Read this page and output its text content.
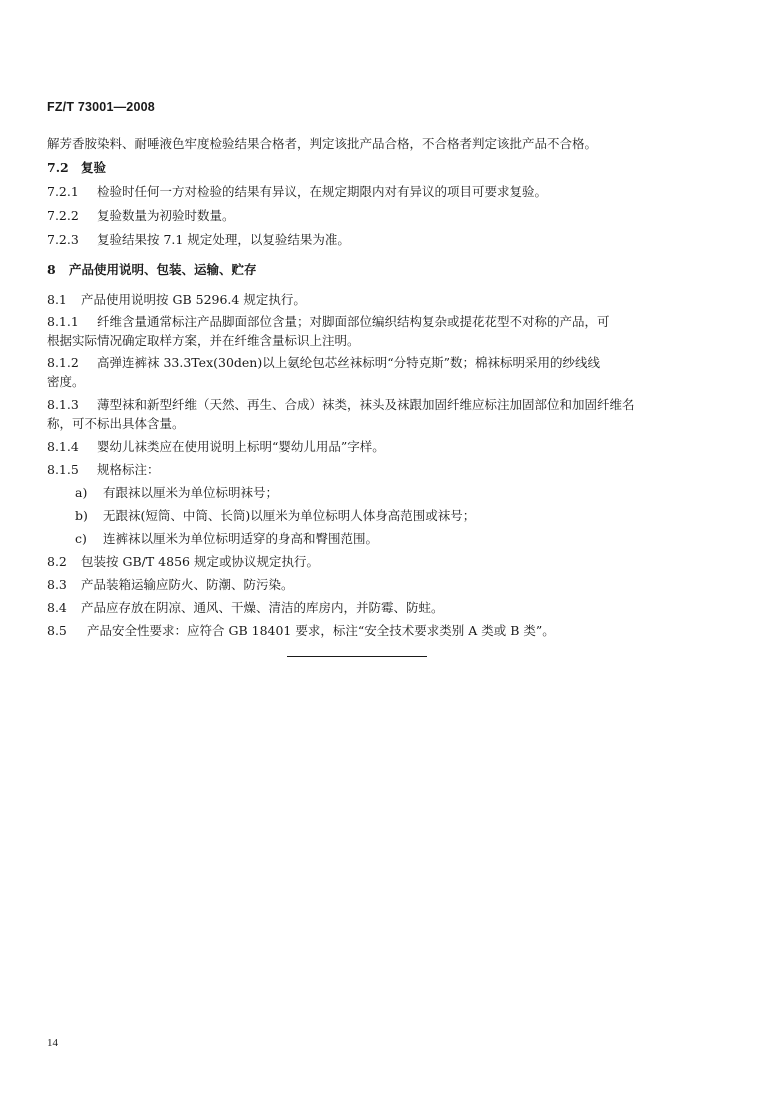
FZ/T 73001—2008
解芳香胺染料、耐唾液色牢度检验结果合格者，判定该批产品合格，不合格者判定该批产品不合格。
7.2 复验
7.2.1 检验时任何一方对检验的结果有异议，在规定期限内对有异议的项目可要求复验。
7.2.2 复验数量为初验时数量。
7.2.3 复验结果按 7.1 规定处理，以复验结果为准。
8 产品使用说明、包装、运输、贮存
8.1 产品使用说明按 GB 5296.4 规定执行。
8.1.1 纤维含量通常标注产品脚面部位含量；对脚面部位编织结构复杂或提花花型不对称的产品，可
根据实际情况确定取样方案，并在纤维含量标识上注明。
8.1.2 高弹连裤袜 33.3Tex(30den)以上氨纶包芯丝袜标明“分特克斯”数；棉袜标明采用的纱线线
密度。
8.1.3 薄型袜和新型纤维（天然、再生、合成）袜类，袜头及袜跟加固纤维应标注加固部位和加固纤维名
称，可不标出具体含量。
8.1.4 婴幼儿袜类应在使用说明上标明“婴幼儿用品”字样。
8.1.5 规格标注：
a) 有跟袜以厘米为单位标明袜号；
b) 无跟袜(短筒、中筒、长筒)以厘米为单位标明人体身高范围或袜号；
c) 连裤袜以厘米为单位标明适穿的身高和臀围范围。
8.2 包装按 GB/T 4856 规定或协议规定执行。
8.3 产品装箱运输应防火、防潮、防污染。
8.4 产品应存放在阴凉、通风、干燥、清洁的库房内，并防霉、防蛀。
8.5 产品安全性要求：应符合 GB 18401 要求，标注“安全技术要求类别 A 类或 B 类”。
14
